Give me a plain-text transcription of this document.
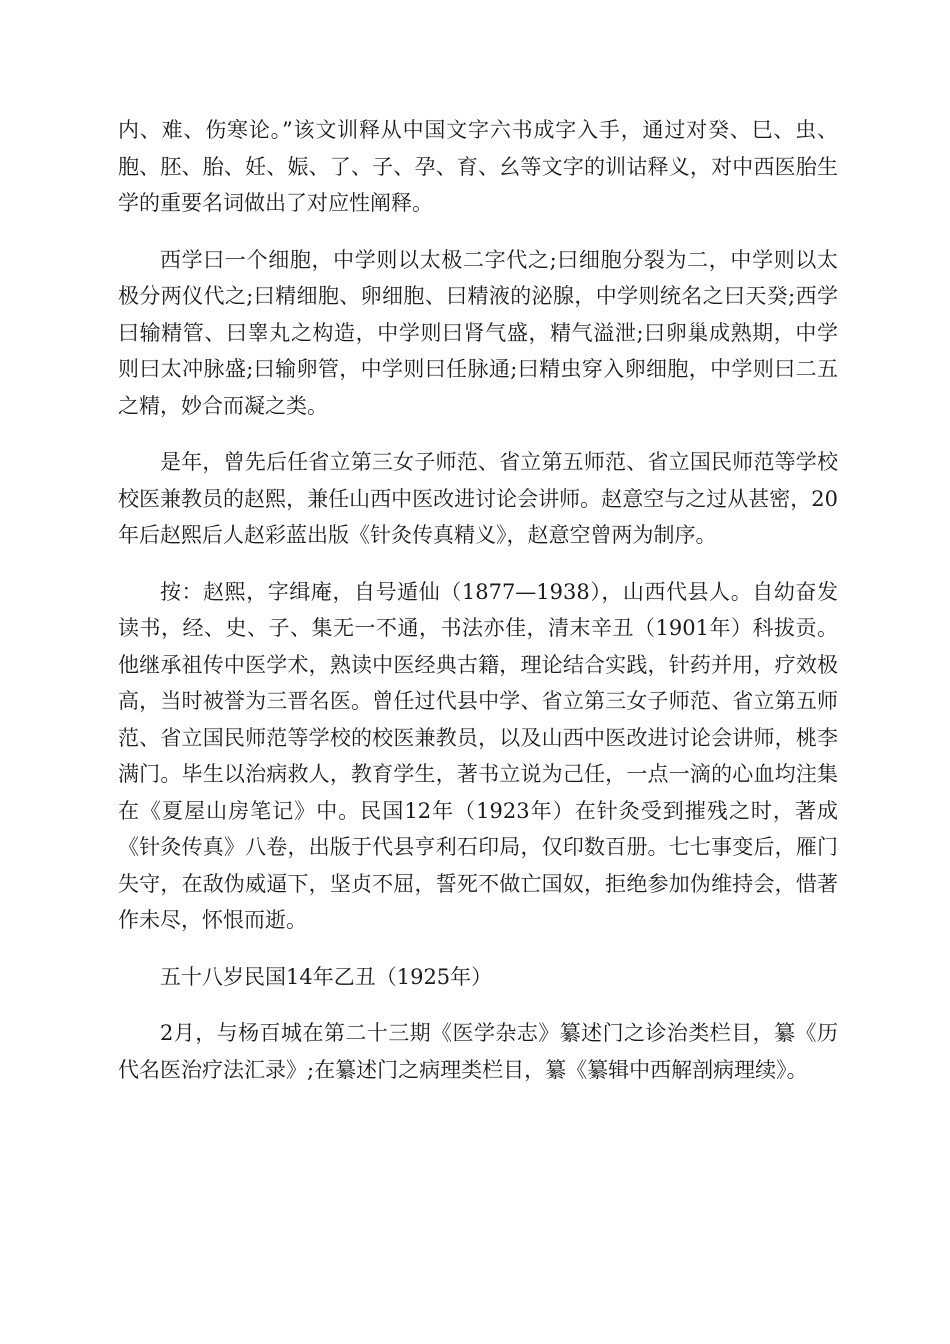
内、难、伤寒论。”该文训释从中国文字六书成字入手，通过对癸、巳、虫、胞、胚、胎、妊、娠、了、子、孕、育、幺等文字的训诂释义，对中西医胎生学的重要名词做出了对应性阐释。

西学曰一个细胞，中学则以太极二字代之;曰细胞分裂为二，中学则以太极分两仪代之;曰精细胞、卵细胞、曰精液的泌腺，中学则统名之曰天癸;西学曰输精管、曰睾丸之构造，中学则曰肾气盛，精气溢泄;曰卵巢成熟期，中学则曰太冲脉盛;曰输卵管，中学则曰任脉通;曰精虫穿入卵细胞，中学则曰二五之精，妙合而凝之类。

是年，曾先后任省立第三女子师范、省立第五师范、省立国民师范等学校校医兼教员的赵熙，兼任山西中医改进讨论会讲师。赵意空与之过从甚密，20年后赵熙后人赵彩蓝出版《针灸传真精义》，赵意空曾两为制序。

按：赵熙，字缉庵，自号遁仙（1877—1938），山西代县人。自幼奋发读书，经、史、子、集无一不通，书法亦佳，清末辛丑（1901年）科拔贡。他继承祖传中医学术，熟读中医经典古籍，理论结合实践，针药并用，疗效极高，当时被誉为三晋名医。曾任过代县中学、省立第三女子师范、省立第五师范、省立国民师范等学校的校医兼教员，以及山西中医改进讨论会讲师，桃李满门。毕生以治病救人，教育学生，著书立说为己任，一点一滴的心血均注集在《夏屋山房笔记》中。民国12年（1923年）在针灸受到摧残之时，著成《针灸传真》八卷，出版于代县亨利石印局，仅印数百册。七七事变后，雁门失守，在敌伪威逼下，坚贞不屈，誓死不做亡国奴，拒绝参加伪维持会，惜著作未尽，怀恨而逝。

五十八岁民国14年乙丑（1925年）

2月，与杨百城在第二十三期《医学杂志》纂述门之诊治类栏目，纂《历代名医治疗法汇录》;在纂述门之病理类栏目，纂《纂辑中西解剖病理续》。
